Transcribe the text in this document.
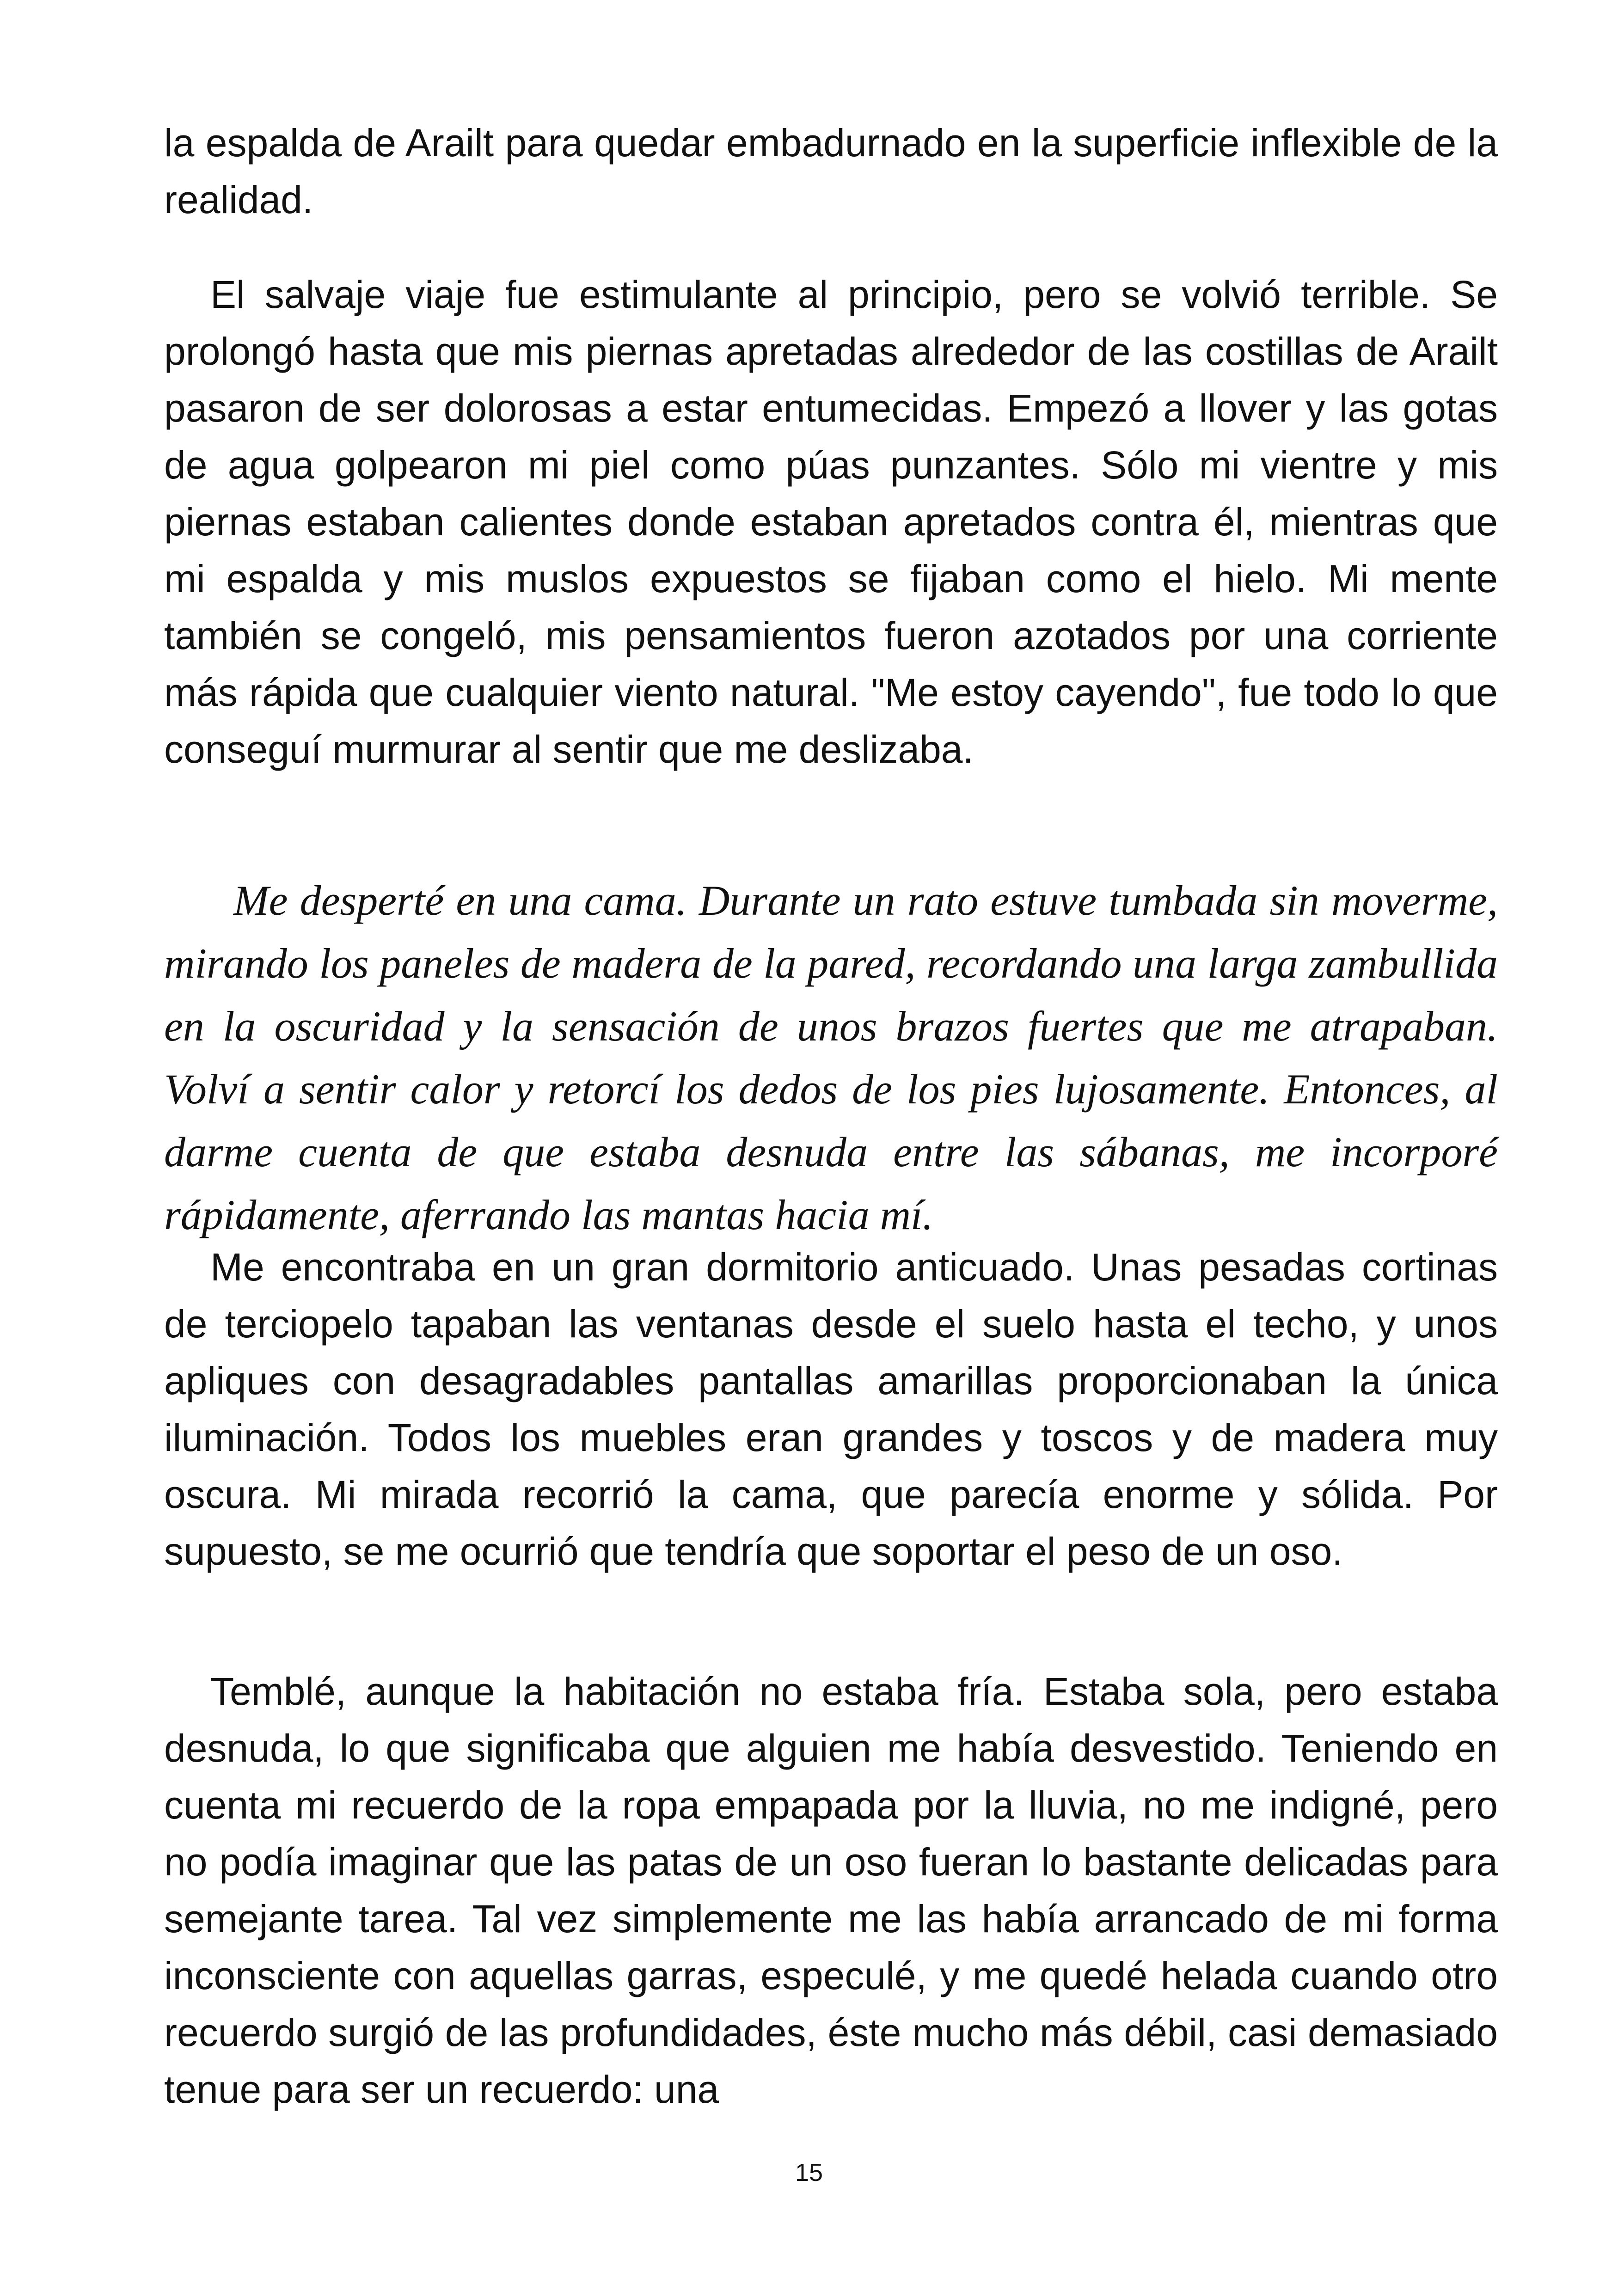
la espalda de Arailt para quedar embadurnado en la superficie inflexible de la realidad.

El salvaje viaje fue estimulante al principio, pero se volvió terrible. Se prolongó hasta que mis piernas apretadas alrededor de las costillas de Arailt pasaron de ser dolorosas a estar entumecidas. Empezó a llover y las gotas de agua golpearon mi piel como púas punzantes. Sólo mi vientre y mis piernas estaban calientes donde estaban apretados contra él, mientras que mi espalda y mis muslos expuestos se fijaban como el hielo. Mi mente también se congeló, mis pensamientos fueron azotados por una corriente más rápida que cualquier viento natural. "Me estoy cayendo", fue todo lo que conseguí murmurar al sentir que me deslizaba.

Me desperté en una cama. Durante un rato estuve tumbada sin moverme, mirando los paneles de madera de la pared, recordando una larga zambullida en la oscuridad y la sensación de unos brazos fuertes que me atrapaban. Volví a sentir calor y retorcí los dedos de los pies lujosamente. Entonces, al darme cuenta de que estaba desnuda entre las sábanas, me incorporé rápidamente, aferrando las mantas hacia mí.

Me encontraba en un gran dormitorio anticuado. Unas pesadas cortinas de terciopelo tapaban las ventanas desde el suelo hasta el techo, y unos apliques con desagradables pantallas amarillas proporcionaban la única iluminación. Todos los muebles eran grandes y toscos y de madera muy oscura. Mi mirada recorrió la cama, que parecía enorme y sólida. Por supuesto, se me ocurrió que tendría que soportar el peso de un oso.

Temblé, aunque la habitación no estaba fría. Estaba sola, pero estaba desnuda, lo que significaba que alguien me había desvestido. Teniendo en cuenta mi recuerdo de la ropa empapada por la lluvia, no me indigné, pero no podía imaginar que las patas de un oso fueran lo bastante delicadas para semejante tarea. Tal vez simplemente me las había arrancado de mi forma inconsciente con aquellas garras, especulé, y me quedé helada cuando otro recuerdo surgió de las profundidades, éste mucho más débil, casi demasiado tenue para ser un recuerdo: una

15
